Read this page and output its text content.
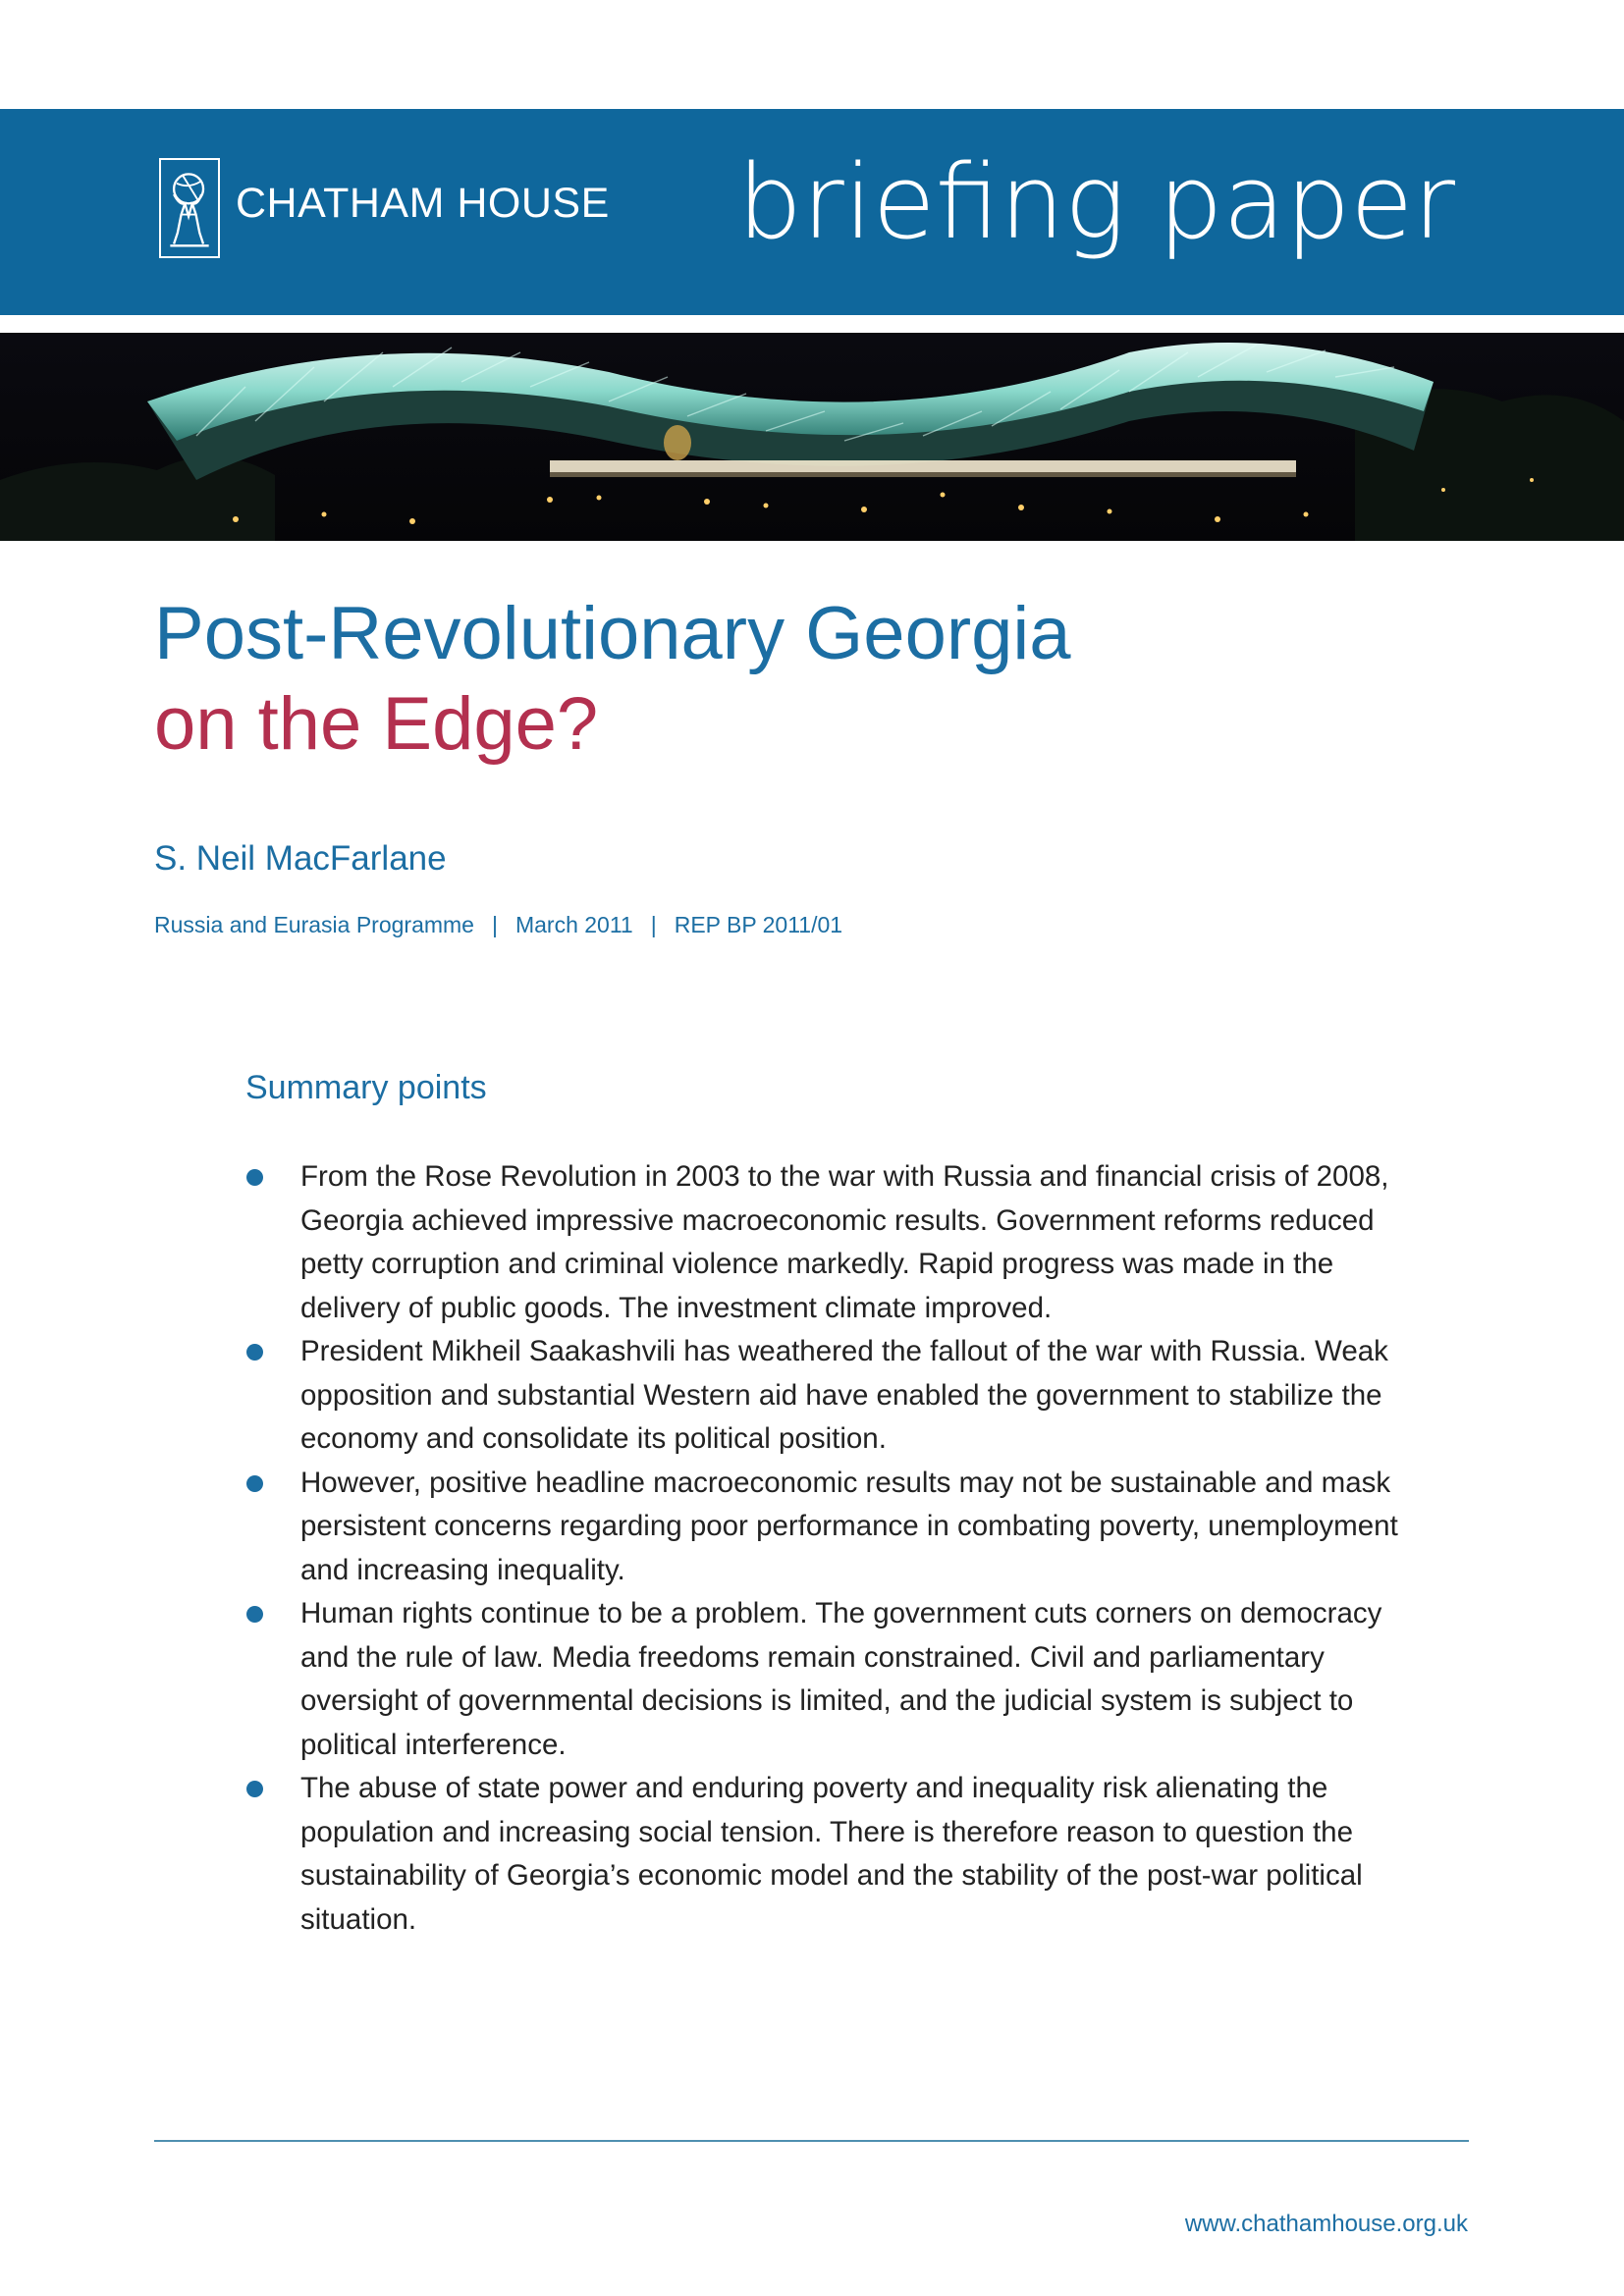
CHATHAM HOUSE briefing paper
Post-Revolutionary Georgia
on the Edge?
S. Neil MacFarlane
Russia and Eurasia Programme | March 2011 | REP BP 2011/01
Summary points
From the Rose Revolution in 2003 to the war with Russia and financial crisis of 2008, Georgia achieved impressive macroeconomic results. Government reforms reduced petty corruption and criminal violence markedly. Rapid progress was made in the delivery of public goods. The investment climate improved.
President Mikheil Saakashvili has weathered the fallout of the war with Russia. Weak opposition and substantial Western aid have enabled the government to stabilize the economy and consolidate its political position.
However, positive headline macroeconomic results may not be sustainable and mask persistent concerns regarding poor performance in combating poverty, unemployment and increasing inequality.
Human rights continue to be a problem. The government cuts corners on democracy and the rule of law. Media freedoms remain constrained. Civil and parliamentary oversight of governmental decisions is limited, and the judicial system is subject to political interference.
The abuse of state power and enduring poverty and inequality risk alienating the population and increasing social tension. There is therefore reason to question the sustainability of Georgia’s economic model and the stability of the post-war political situation.
www.chathamhouse.org.uk
